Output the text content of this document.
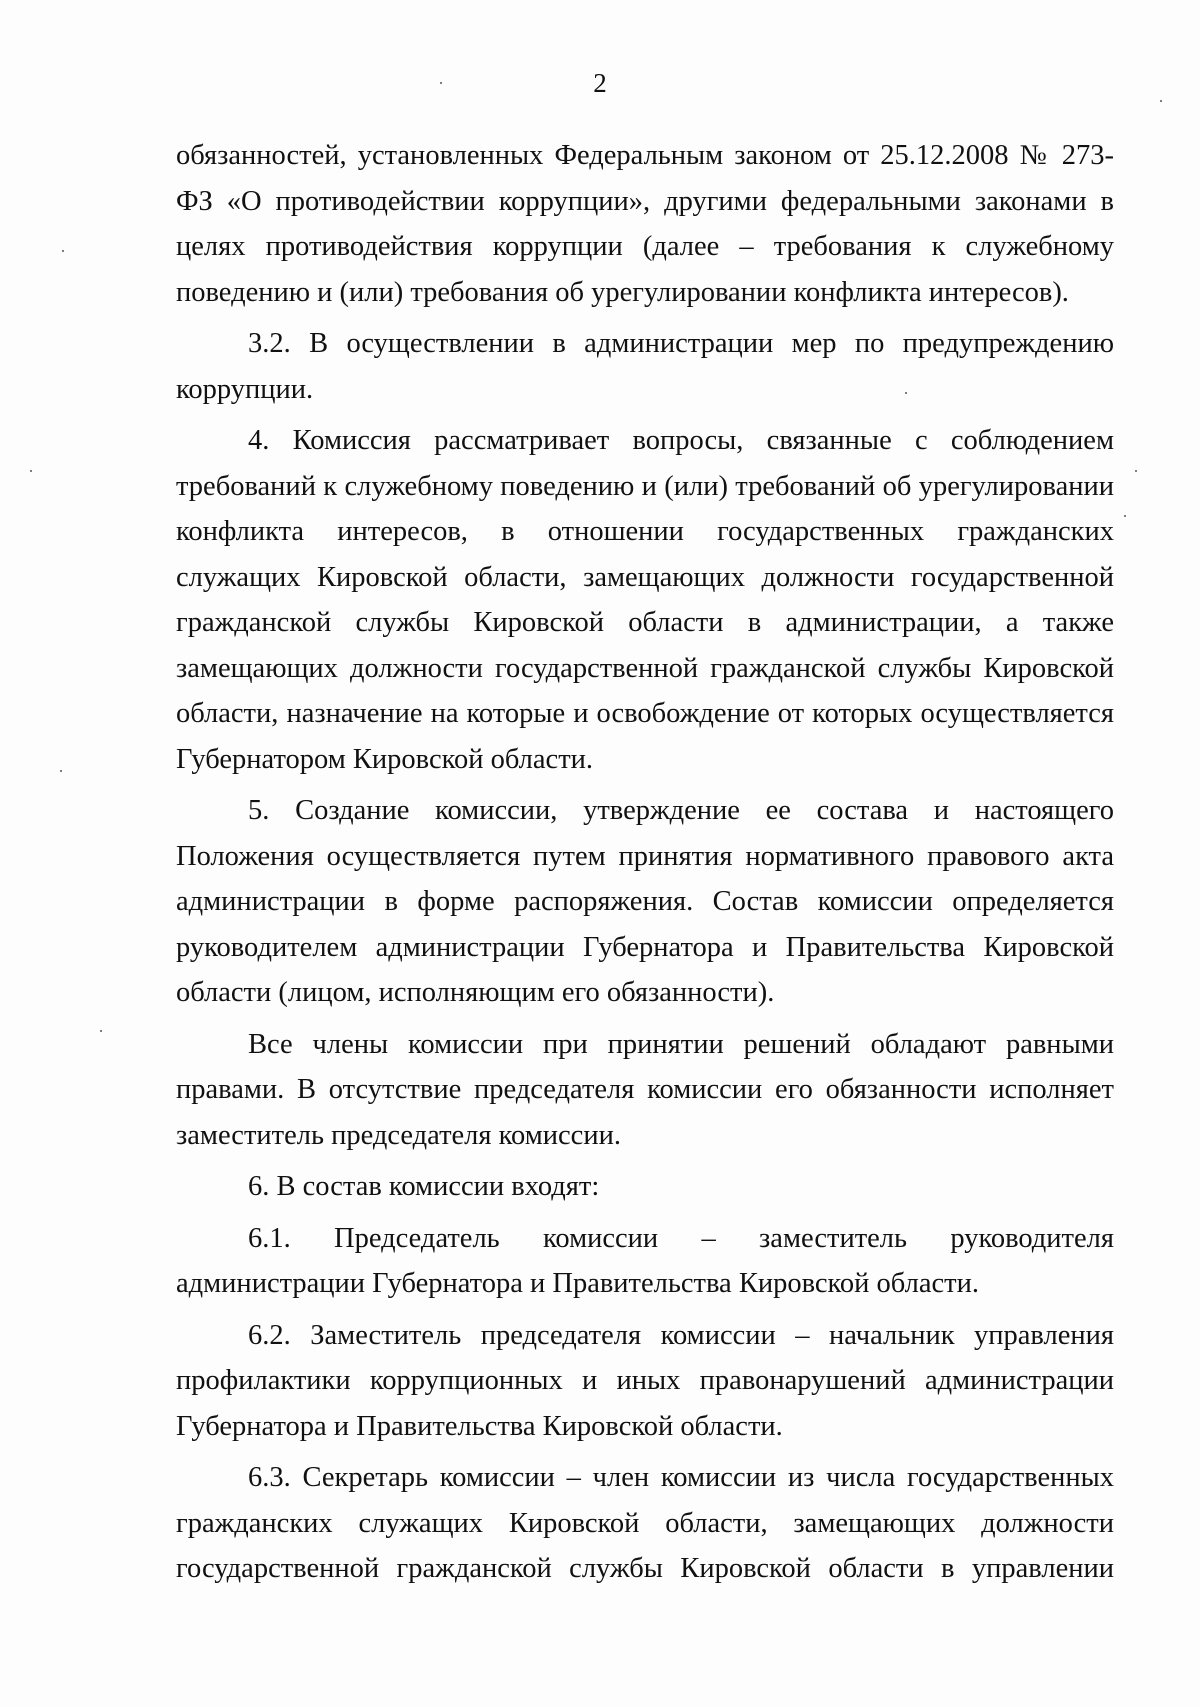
2

обязанностей, установленных Федеральным законом от 25.12.2008 № 273-ФЗ «О противодействии коррупции», другими федеральными законами в целях противодействия коррупции (далее – требования к служебному поведению и (или) требования об урегулировании конфликта интересов).

3.2. В осуществлении в администрации мер по предупреждению коррупции.

4. Комиссия рассматривает вопросы, связанные с соблюдением требований к служебному поведению и (или) требований об урегулировании конфликта интересов, в отношении государственных гражданских служащих Кировской области, замещающих должности государственной гражданской службы Кировской области в администрации, а также замещающих должности государственной гражданской службы Кировской области, назначение на которые и освобождение от которых осуществляется Губернатором Кировской области.

5. Создание комиссии, утверждение ее состава и настоящего Положения осуществляется путем принятия нормативного правового акта администрации в форме распоряжения. Состав комиссии определяется руководителем администрации Губернатора и Правительства Кировской области (лицом, исполняющим его обязанности).

Все члены комиссии при принятии решений обладают равными правами. В отсутствие председателя комиссии его обязанности исполняет заместитель председателя комиссии.

6. В состав комиссии входят:

6.1. Председатель комиссии – заместитель руководителя администрации Губернатора и Правительства Кировской области.

6.2. Заместитель председателя комиссии – начальник управления профилактики коррупционных и иных правонарушений администрации Губернатора и Правительства Кировской области.

6.3. Секретарь комиссии – член комиссии из числа государственных гражданских служащих Кировской области, замещающих должности государственной гражданской службы Кировской области в управлении
